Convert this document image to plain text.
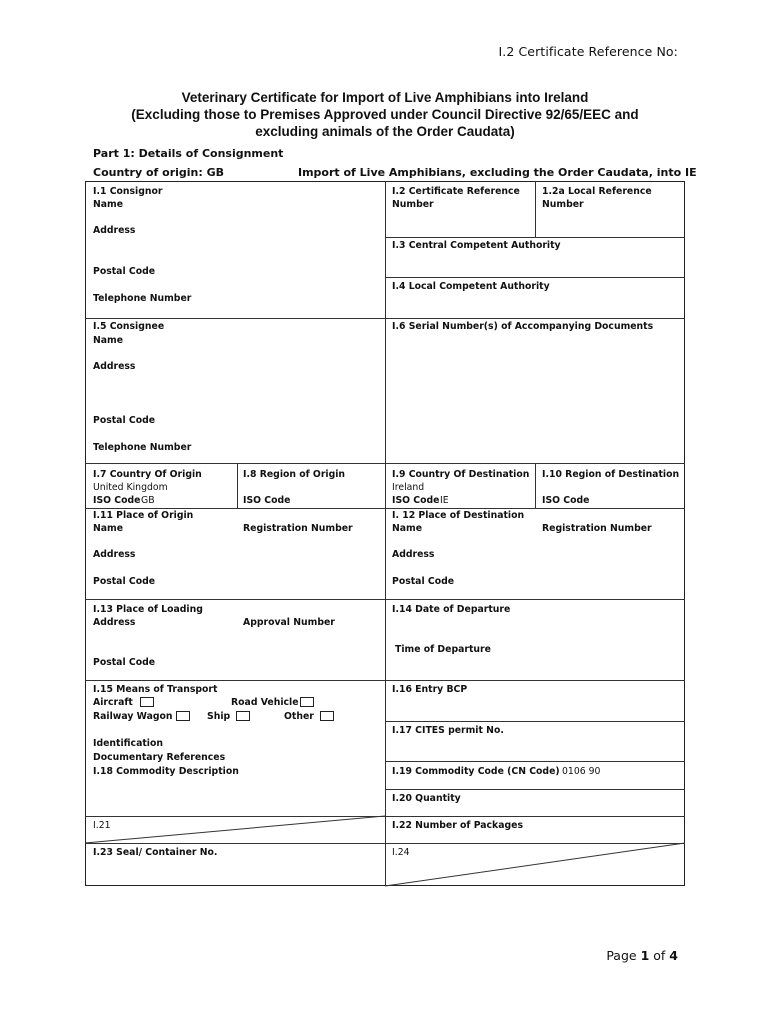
I.2 Certificate Reference No:
Veterinary Certificate for Import of Live Amphibians into Ireland
(Excluding those to Premises Approved under Council Directive 92/65/EEC and
excluding animals of the Order Caudata)
Part 1: Details of Consignment
Country of origin: GB	Import of Live Amphibians, excluding the Order Caudata, into IE
I.1 Consignor
Name
Address
Postal Code
Telephone Number
I.2 Certificate Reference
Number
1.2a Local Reference
Number
I.3 Central Competent Authority
I.4 Local Competent Authority
I.5 Consignee
Name
Address
Postal Code
Telephone Number
I.6 Serial Number(s) of Accompanying Documents
I.7 Country Of Origin
United Kingdom
ISO Code GB
I.8 Region of Origin
ISO Code
I.9 Country Of Destination
Ireland
ISO Code IE
I.10 Region of Destination
ISO Code
I.11 Place of Origin
Name	Registration Number
Address
Postal Code
I. 12 Place of Destination
Name	Registration Number
Address
Postal Code
I.13 Place of Loading
Address	Approval Number
Postal Code
I.14 Date of Departure
Time of Departure
I.15 Means of Transport
Aircraft	Road Vehicle
Railway Wagon	Ship	Other
Identification
Documentary References
I.16 Entry BCP
I.17 CITES permit No.
I.18 Commodity Description	I.19 Commodity Code (CN Code) 0106 90
I.20 Quantity
I.21	I.22 Number of Packages
I.23 Seal/ Container No.	I.24
Page 1 of 4
